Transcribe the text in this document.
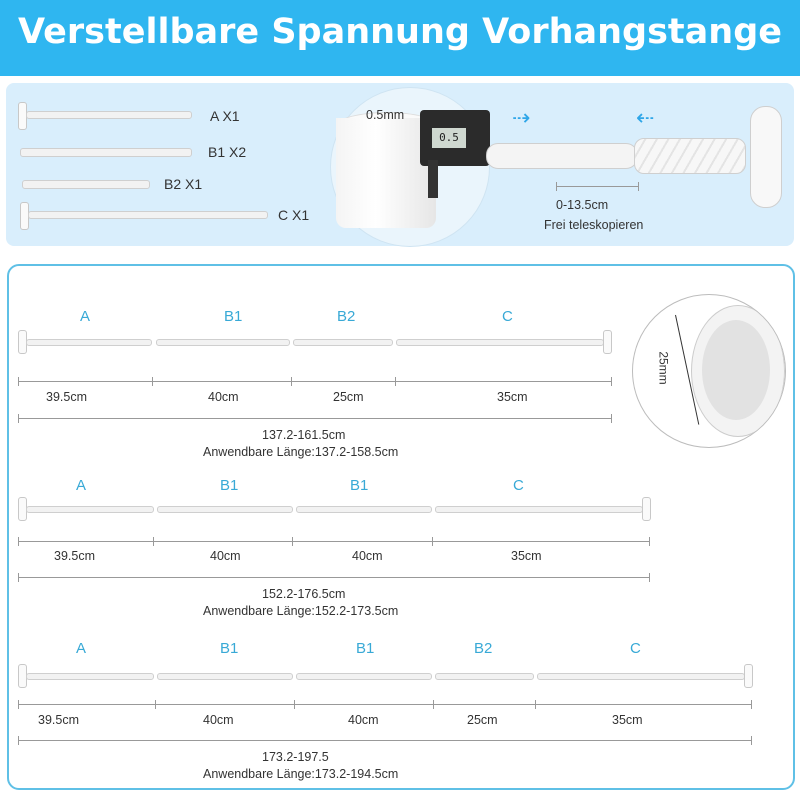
Verstellbare Spannung Vorhangstange
A X1
B1 X2
B2 X1
C X1
0.5
0.5mm	⇢	⇠
0-13.5cm
Frei teleskopieren
25mm
A	B1	B2	C
39.5cm	40cm	25cm	35cm
137.2-161.5cm
Anwendbare Länge:137.2-158.5cm
A	B1	B1	C
39.5cm	40cm	40cm	35cm
152.2-176.5cm
Anwendbare Länge:152.2-173.5cm
A	B1	B1	B2	C
39.5cm	40cm	40cm	25cm	35cm
173.2-197.5
Anwendbare Länge:173.2-194.5cm
